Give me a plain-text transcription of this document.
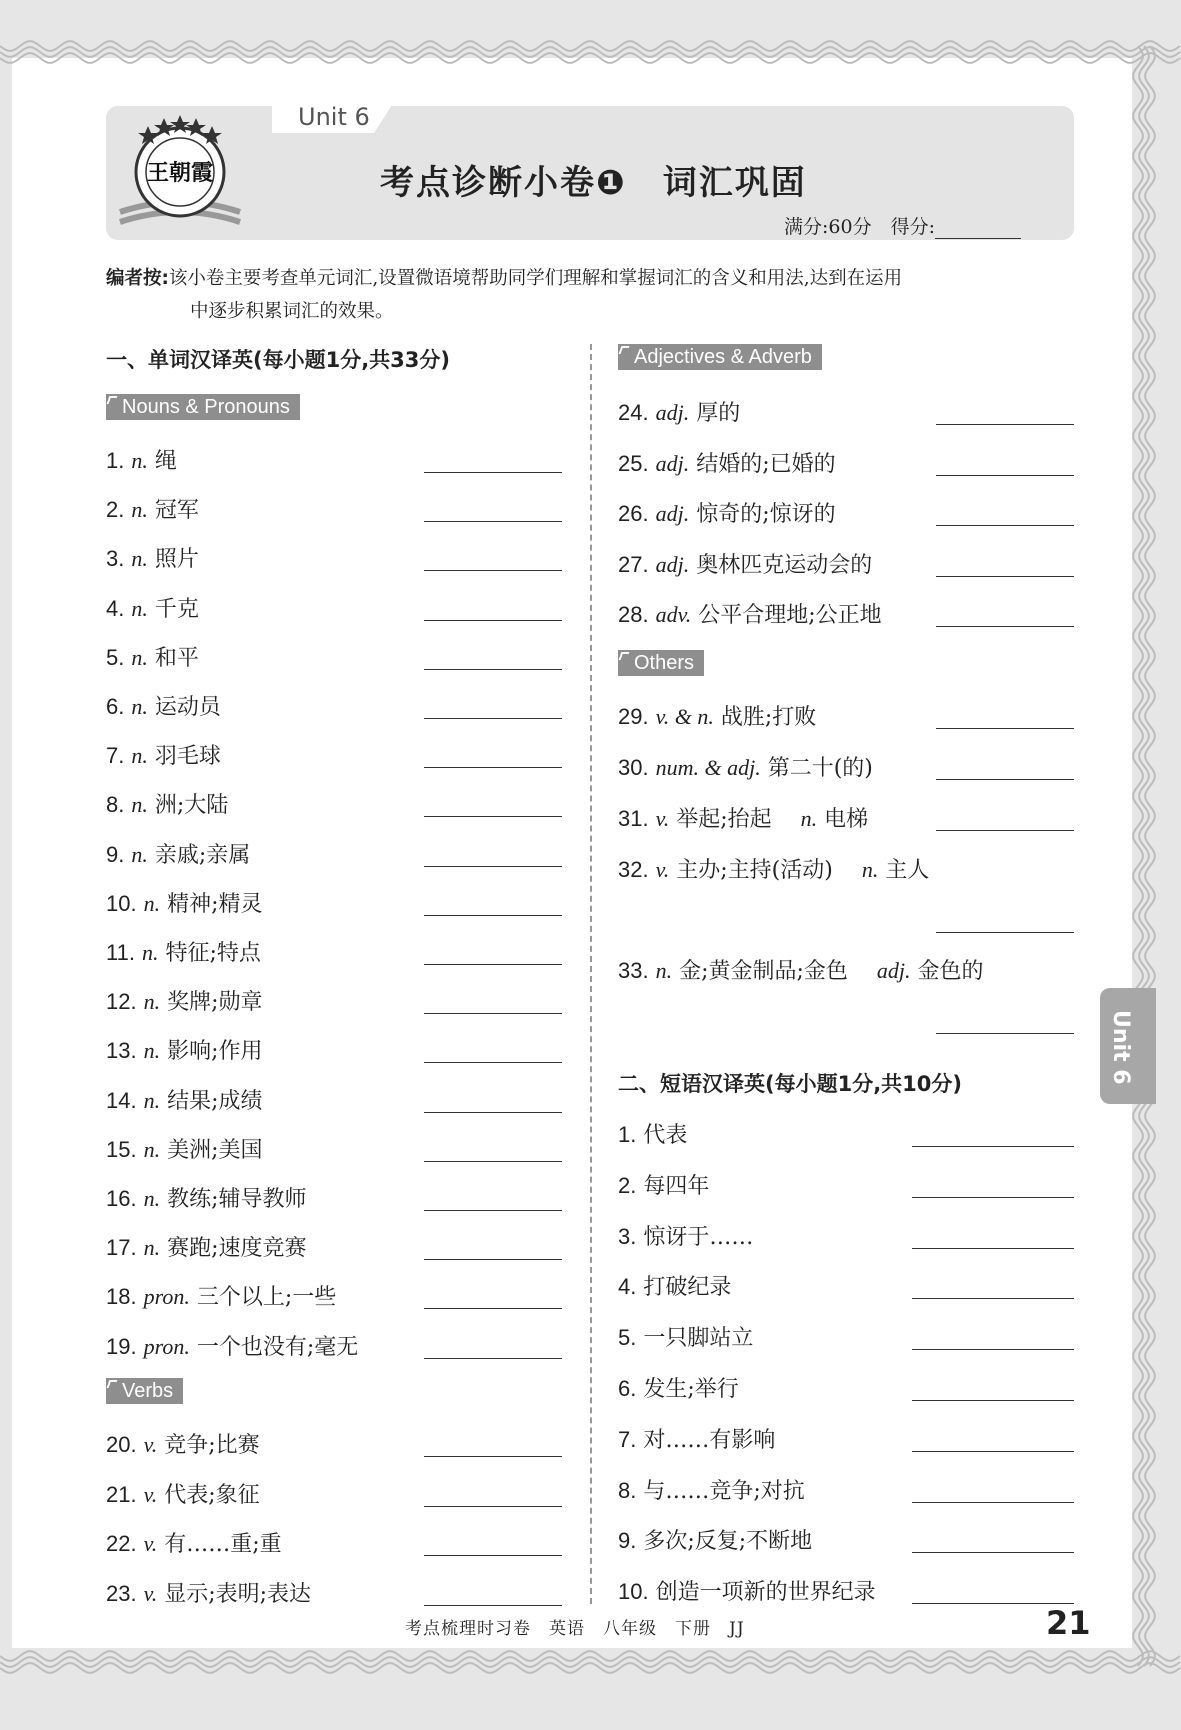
王朝霞
Unit 6
考点诊断小卷❶　词汇巩固
满分:60分　得分:
编者按:该小卷主要考查单元词汇,设置微语境帮助同学们理解和掌握词汇的含义和用法,达到在运用
中逐步积累词汇的效果。
一、单词汉译英(每小题1分,共33分)
Nouns & Pronouns
Verbs
Adjectives & Adverb
Others
二、短语汉译英(每小题1分,共10分)
1. n. 绳
2. n. 冠军
3. n. 照片
4. n. 千克
5. n. 和平
6. n. 运动员
7. n. 羽毛球
8. n. 洲;大陆
9. n. 亲戚;亲属
10. n. 精神;精灵
11. n. 特征;特点
12. n. 奖牌;勋章
13. n. 影响;作用
14. n. 结果;成绩
15. n. 美洲;美国
16. n. 教练;辅导教师
17. n. 赛跑;速度竞赛
18. pron. 三个以上;一些
19. pron. 一个也没有;毫无
20. v. 竞争;比赛
21. v. 代表;象征
22. v. 有……重;重
23. v. 显示;表明;表达
24. adj. 厚的
25. adj. 结婚的;已婚的
26. adj. 惊奇的;惊讶的
27. adj. 奥林匹克运动会的
28. adv. 公平合理地;公正地
29. v. & n. 战胜;打败
30. num. & adj. 第二十(的)
31. v. 举起;抬起　 n. 电梯
32. v. 主办;主持(活动)　 n. 主人
33. n. 金;黄金制品;金色　 adj. 金色的
1. 代表
2. 每四年
3. 惊讶于……
4. 打破纪录
5. 一只脚站立
6. 发生;举行
7. 对……有影响
8. 与……竞争;对抗
9. 多次;反复;不断地
10. 创造一项新的世界纪录
Unit 6
考点梳理时习卷　英语　八年级　下册　JJ	21
